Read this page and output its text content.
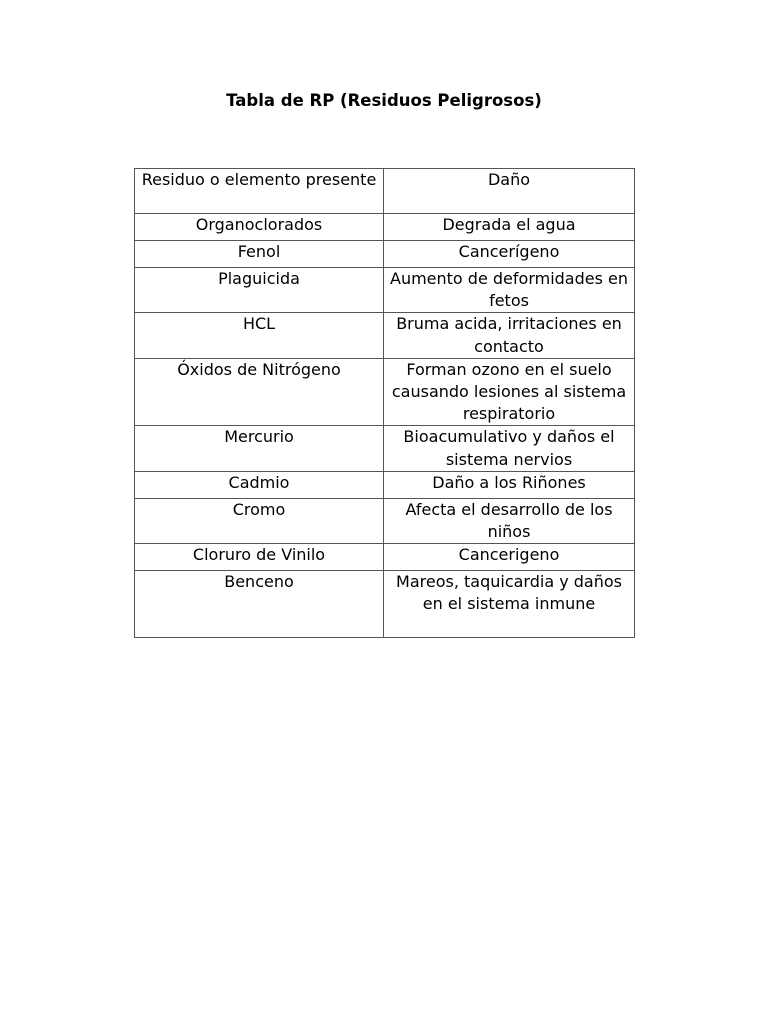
Tabla de RP (Residuos Peligrosos)
Residuo o elemento presente	Daño
Organoclorados	Degrada el agua
Fenol	Cancerígeno
Plaguicida	Aumento de deformidades en fetos
HCL	Bruma acida, irritaciones en contacto
Óxidos de Nitrógeno	Forman ozono en el suelo causando lesiones al sistema respiratorio
Mercurio	Bioacumulativo y daños el sistema nervios
Cadmio	Daño a los Riñones
Cromo	Afecta el desarrollo de los niños
Cloruro de Vinilo	Cancerigeno
Benceno	Mareos, taquicardia y daños en el sistema inmune
